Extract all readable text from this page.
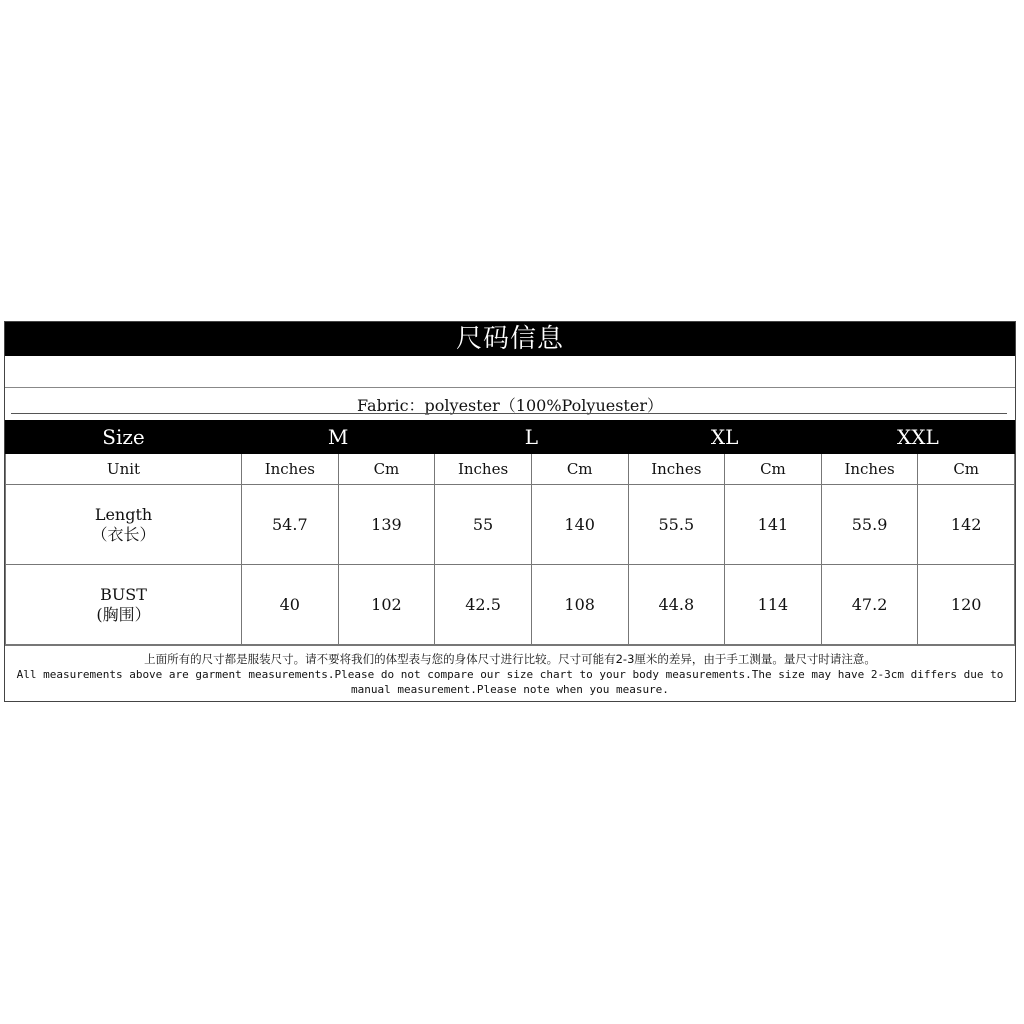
尺码信息
Fabric：polyester（100%Polyuester）
Size	M		L		XL		XXL	
Unit	Inches	Cm	Inches	Cm	Inches	Cm	Inches	Cm

Length
（衣长）	54.7	139	55	140	55.5	141	55.9	142

BUST
(胸围）	40	102	42.5	108	44.8	114	47.2	120
上面所有的尺寸都是服装尺寸。请不要将我们的体型表与您的身体尺寸进行比较。尺寸可能有2-3厘米的差异，由于手工测量。量尺寸时请注意。
All measurements above are garment measurements.Please do not compare our size chart to your body measurements.The size may have 2-3cm differs due to manual measurement.Please note when you measure.
